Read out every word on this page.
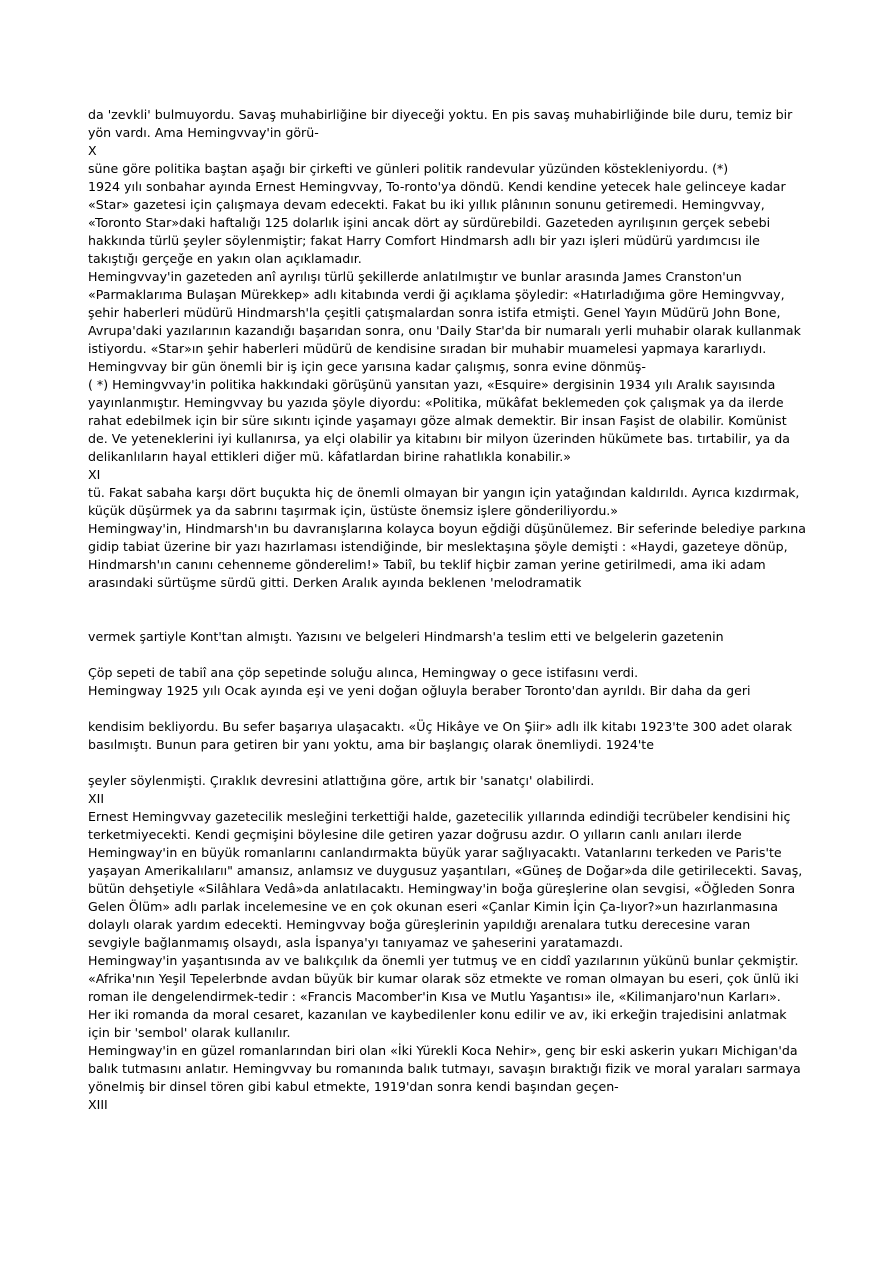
da 'zevkli' bulmuyordu. Savaş muhabirliğine bir diyeceği yoktu. En pis savaş muhabirliğinde bile duru, temiz bir yön vardı. Ama Hemingvvay'in görü-

X

süne göre politika baştan aşağı bir çirkefti ve günleri politik randevular yüzünden köstekleniyordu. (*)

1924 yılı sonbahar ayında Ernest Hemingvvay, To-ronto'ya döndü. Kendi kendine yetecek hale gelinceye kadar «Star» gazetesi için çalışmaya devam edecekti. Fakat bu iki yıllık plânının sonunu getiremedi. Hemingvvay, «Toronto Star»daki haftalığı 125 dolarlık işini ancak dört ay sürdürebildi. Gazeteden ayrılışının gerçek sebebi hakkında türlü şeyler söylenmiştir; fakat Harry Comfort Hindmarsh adlı bir yazı işleri müdürü yardımcısı ile takıştığı gerçeğe en yakın olan açıklamadır.

Hemingvvay'in gazeteden anî ayrılışı türlü şekillerde anlatılmıştır ve bunlar arasında James Cranston'un «Parmaklarıma Bulaşan Mürekkep» adlı kitabında verdi ği açıklama şöyledir: «Hatırladığıma göre Hemingvvay, şehir haberleri müdürü Hindmarsh'la çeşitli çatışmalardan sonra istifa etmişti. Genel Yayın Müdürü John Bone, Avrupa'daki yazılarının kazandığı başarıdan sonra, onu 'Daily Star'da bir numaralı yerli muhabir olarak kullanmak istiyordu. «Star»ın şehir haberleri müdürü de kendisine sıradan bir muhabir muamelesi yapmaya kararlıydı. Hemingvvay bir gün önemli bir iş için gece yarısına kadar çalışmış, sonra evine dönmüş-

( *) Hemingvvay'in politika hakkındaki görüşünü yansıtan yazı, «Esquire» dergisinin 1934 yılı Aralık sayısında yayınlanmıştır. Hemingvvay bu yazıda şöyle diyordu: «Politika, mükâfat beklemeden çok çalışmak ya da ilerde rahat edebilmek için bir süre sıkıntı içinde yaşamayı göze almak demektir. Bir insan Faşist de olabilir. Komünist de. Ve yeteneklerini iyi kullanırsa, ya elçi olabilir ya kitabını bir milyon üzerinden hükümete bas. tırtabilir, ya da delikanlıların hayal ettikleri diğer mü. kâfatlardan birine rahatlıkla konabilir.»

XI

tü. Fakat sabaha karşı dört buçukta hiç de önemli olmayan bir yangın için yatağından kaldırıldı. Ayrıca kızdırmak, küçük düşürmek ya da sabrını taşırmak için, üstüste önemsiz işlere gönderiliyordu.»

Hemingway'in, Hindmarsh'ın bu davranışlarına kolayca boyun eğdiği düşünülemez. Bir seferinde belediye parkına gidip tabiat üzerine bir yazı hazırlaması istendiğinde, bir meslektaşına şöyle demişti : «Haydi, gazeteye dönüp, Hindmarsh'ın canını cehenneme gönderelim!» Tabiî, bu teklif hiçbir zaman yerine getirilmedi, ama iki adam arasındaki sürtüşme sürdü gitti. Derken Aralık ayında beklenen 'melodramatik

vermek şartiyle Kont'tan almıştı. Yazısını ve belgeleri Hindmarsh'a teslim etti ve belgelerin gazetenin

Çöp sepeti de tabiî ana çöp sepetinde soluğu alınca, Hemingway o gece istifasını verdi.

Hemingway 1925 yılı Ocak ayında eşi ve yeni doğan oğluyla beraber Toronto'dan ayrıldı. Bir daha da geri

kendisim bekliyordu. Bu sefer başarıya ulaşacaktı. «Üç Hikâye ve On Şiir» adlı ilk kitabı 1923'te 300 adet olarak basılmıştı. Bunun para getiren bir yanı yoktu, ama bir başlangıç olarak önemliydi. 1924'te

şeyler söylenmişti. Çıraklık devresini atlattığına göre, artık bir 'sanatçı' olabilirdi.

XII

Ernest Hemingvvay gazetecilik mesleğini terkettiği halde, gazetecilik yıllarında edindiği tecrübeler kendisini hiç terketmiyecekti. Kendi geçmişini böylesine dile getiren yazar doğrusu azdır. O yılların canlı anıları ilerde Hemingway'in en büyük romanlarını canlandırmakta büyük yarar sağlıyacaktı. Vatanlarını terkeden ve Paris'te yaşayan Amerikalılarıı" amansız, anlamsız ve duygusuz yaşantıları, «Güneş de Doğar»da dile getirilecekti. Savaş, bütün dehşetiyle «Silâhlara Vedâ»da anlatılacaktı. Hemingway'in boğa güreşlerine olan sevgisi, «Öğleden Sonra Gelen Ölüm» adlı parlak incelemesine ve en çok okunan eseri «Çanlar Kimin İçin Ça-lıyor?»un hazırlanmasına dolaylı olarak yardım edecekti. Hemingvvay boğa güreşlerinin yapıldığı arenalara tutku derecesine varan sevgiyle bağlanmamış olsaydı, asla İspanya'yı tanıyamaz ve şaheserini yaratamazdı.

Hemingway'in yaşantısında av ve balıkçılık da önemli yer tutmuş ve en ciddî yazılarının yükünü bunlar çekmiştir. «Afrika'nın Yeşil Tepelerbnde avdan büyük bir kumar olarak söz etmekte ve roman olmayan bu eseri, çok ünlü iki roman ile dengelendirmek-tedir : «Francis Macomber'in Kısa ve Mutlu Yaşantısı» ile, «Kilimanjaro'nun Karları». Her iki romanda da moral cesaret, kazanılan ve kaybedilenler konu edilir ve av, iki erkeğin trajedisini anlatmak için bir 'sembol' olarak kullanılır.

Hemingway'in en güzel romanlarından biri olan «İki Yürekli Koca Nehir», genç bir eski askerin yukarı Michigan'da balık tutmasını anlatır. Hemingvvay bu romanında balık tutmayı, savaşın bıraktığı fizik ve moral yaraları sarmaya yönelmiş bir dinsel tören gibi kabul etmekte, 1919'dan sonra kendi başından geçen-

XIII
